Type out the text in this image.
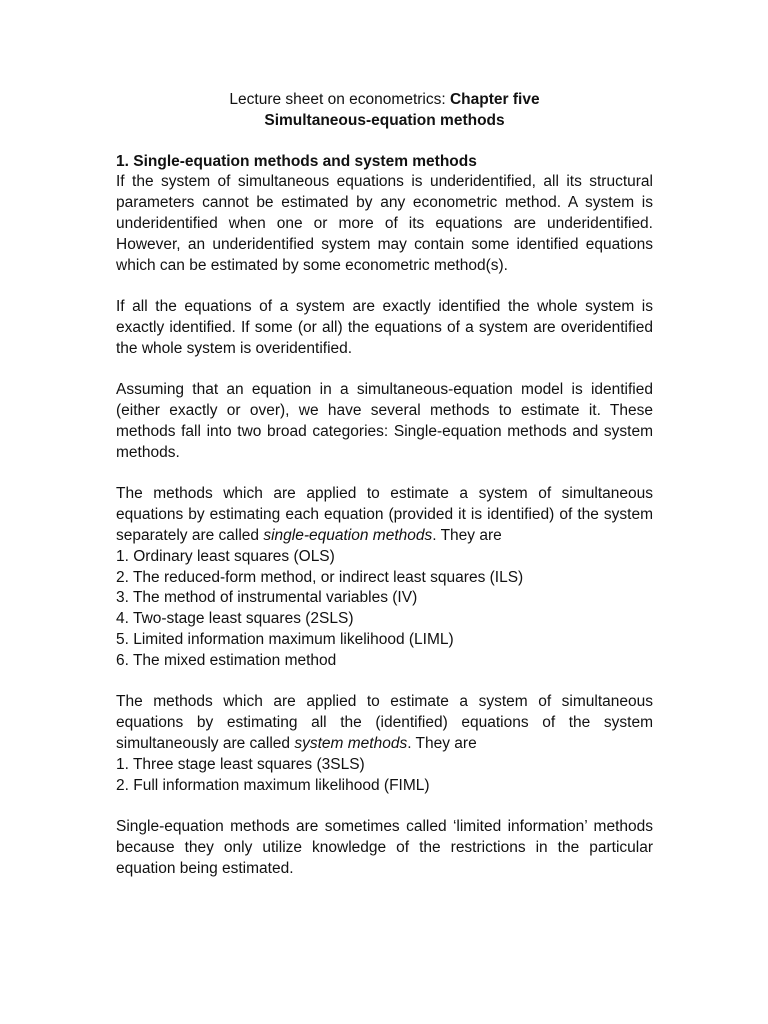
Lecture sheet on econometrics: Chapter five

Simultaneous-equation methods

1. Single-equation methods and system methods

If the system of simultaneous equations is underidentified, all its structural parameters cannot be estimated by any econometric method. A system is underidentified when one or more of its equations are underidentified. However, an underidentified system may contain some identified equations which can be estimated by some econometric method(s).

If all the equations of a system are exactly identified the whole system is exactly identified. If some (or all) the equations of a system are overidentified the whole system is overidentified.

Assuming that an equation in a simultaneous-equation model is identified (either exactly or over), we have several methods to estimate it. These methods fall into two broad categories: Single-equation methods and system methods.

The methods which are applied to estimate a system of simultaneous equations by estimating each equation (provided it is identified) of the system separately are called single-equation methods. They are

1. Ordinary least squares (OLS)

2. The reduced-form method, or indirect least squares (ILS)

3. The method of instrumental variables (IV)

4. Two-stage least squares (2SLS)

5. Limited information maximum likelihood (LIML)

6. The mixed estimation method

The methods which are applied to estimate a system of simultaneous equations by estimating all the (identified) equations of the system simultaneously are called system methods. They are

1. Three stage least squares (3SLS)

2. Full information maximum likelihood (FIML)

Single-equation methods are sometimes called ‘limited information’ methods because they only utilize knowledge of the restrictions in the particular equation being estimated.
